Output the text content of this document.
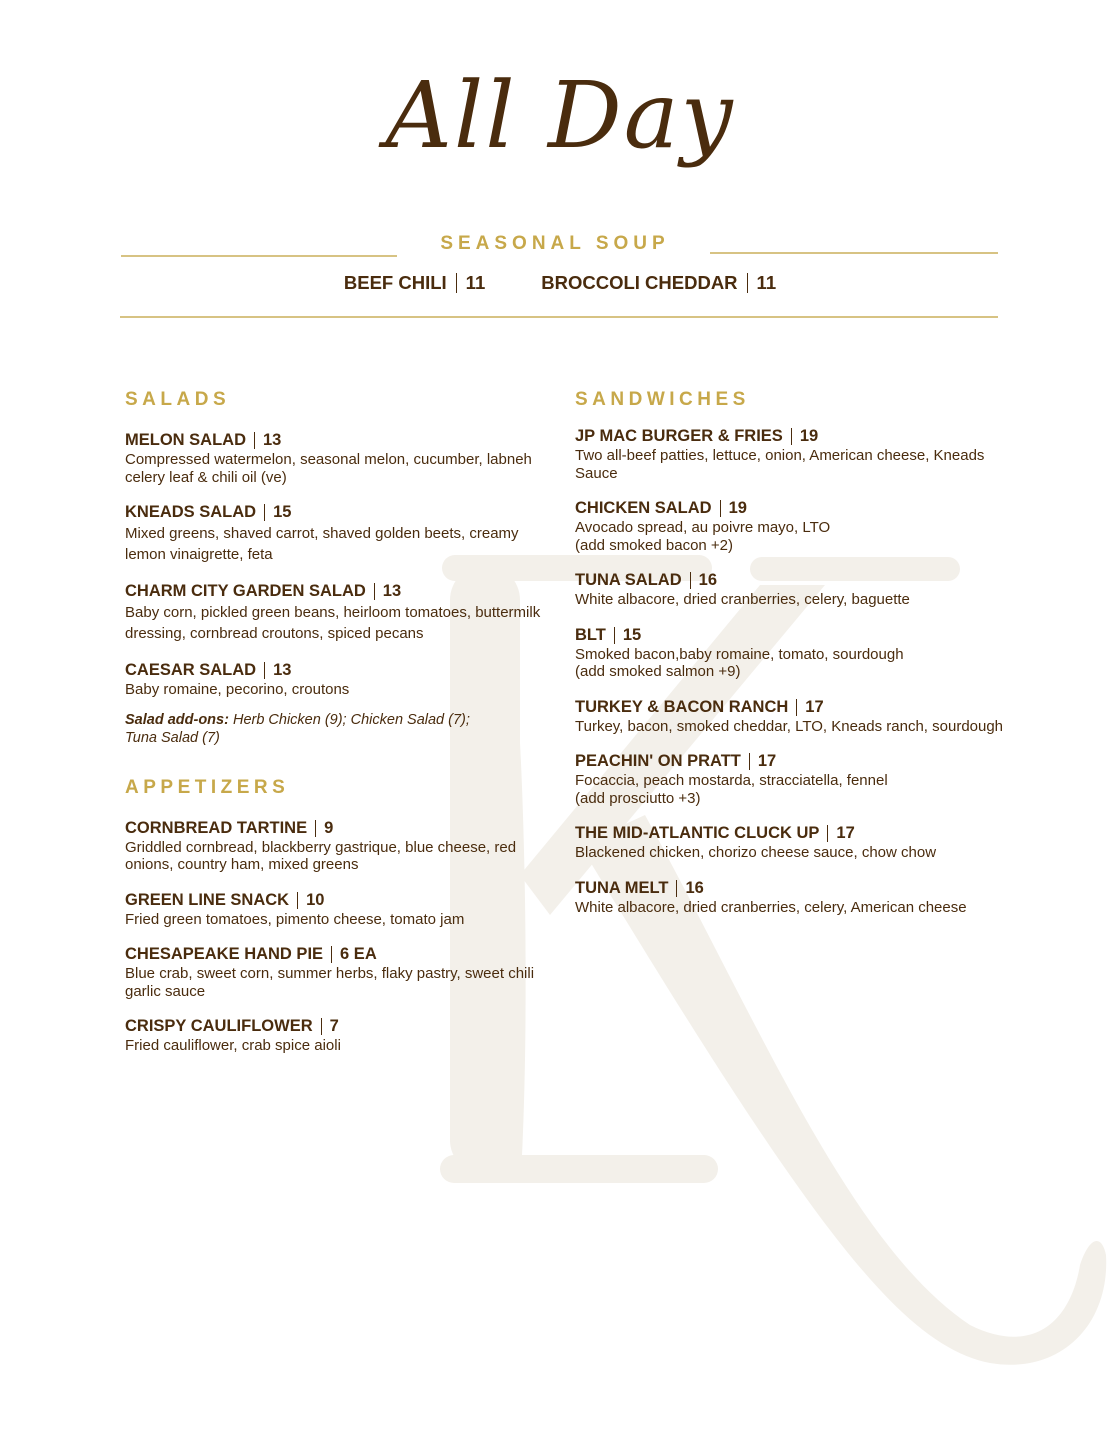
All Day
SEASONAL SOUP
BEEF CHILI 11	BROCCOLI CHEDDAR 11
SALADS
MELON SALAD 13
Compressed watermelon, seasonal melon, cucumber, labneh celery leaf & chili oil (ve)
KNEADS SALAD 15
Mixed greens, shaved carrot, shaved golden beets, creamy lemon vinaigrette, feta
CHARM CITY GARDEN SALAD 13
Baby corn, pickled green beans, heirloom tomatoes, buttermilk dressing, cornbread croutons, spiced pecans
CAESAR SALAD 13
Baby romaine, pecorino, croutons
Salad add-ons: Herb Chicken (9); Chicken Salad (7); Tuna Salad (7)
APPETIZERS
CORNBREAD TARTINE 9
Griddled cornbread, blackberry gastrique, blue cheese, red onions, country ham, mixed greens
GREEN LINE SNACK 10
Fried green tomatoes, pimento cheese, tomato jam
CHESAPEAKE HAND PIE 6 EA
Blue crab, sweet corn, summer herbs, flaky pastry, sweet chili garlic sauce
CRISPY CAULIFLOWER 7
Fried cauliflower, crab spice aioli
SANDWICHES
JP MAC BURGER & FRIES 19
Two all-beef patties, lettuce, onion, American cheese, Kneads Sauce
CHICKEN SALAD 19
Avocado spread, au poivre mayo, LTO
(add smoked bacon +2)
TUNA SALAD 16
White albacore, dried cranberries, celery, baguette
BLT 15
Smoked bacon,baby romaine, tomato, sourdough
(add smoked salmon +9)
TURKEY & BACON RANCH 17
Turkey, bacon, smoked cheddar, LTO, Kneads ranch, sourdough
PEACHIN' ON PRATT 17
Focaccia, peach mostarda, stracciatella, fennel
(add prosciutto +3)
THE MID-ATLANTIC CLUCK UP 17
Blackened chicken, chorizo cheese sauce, chow chow
TUNA MELT 16
White albacore, dried cranberries, celery, American cheese
